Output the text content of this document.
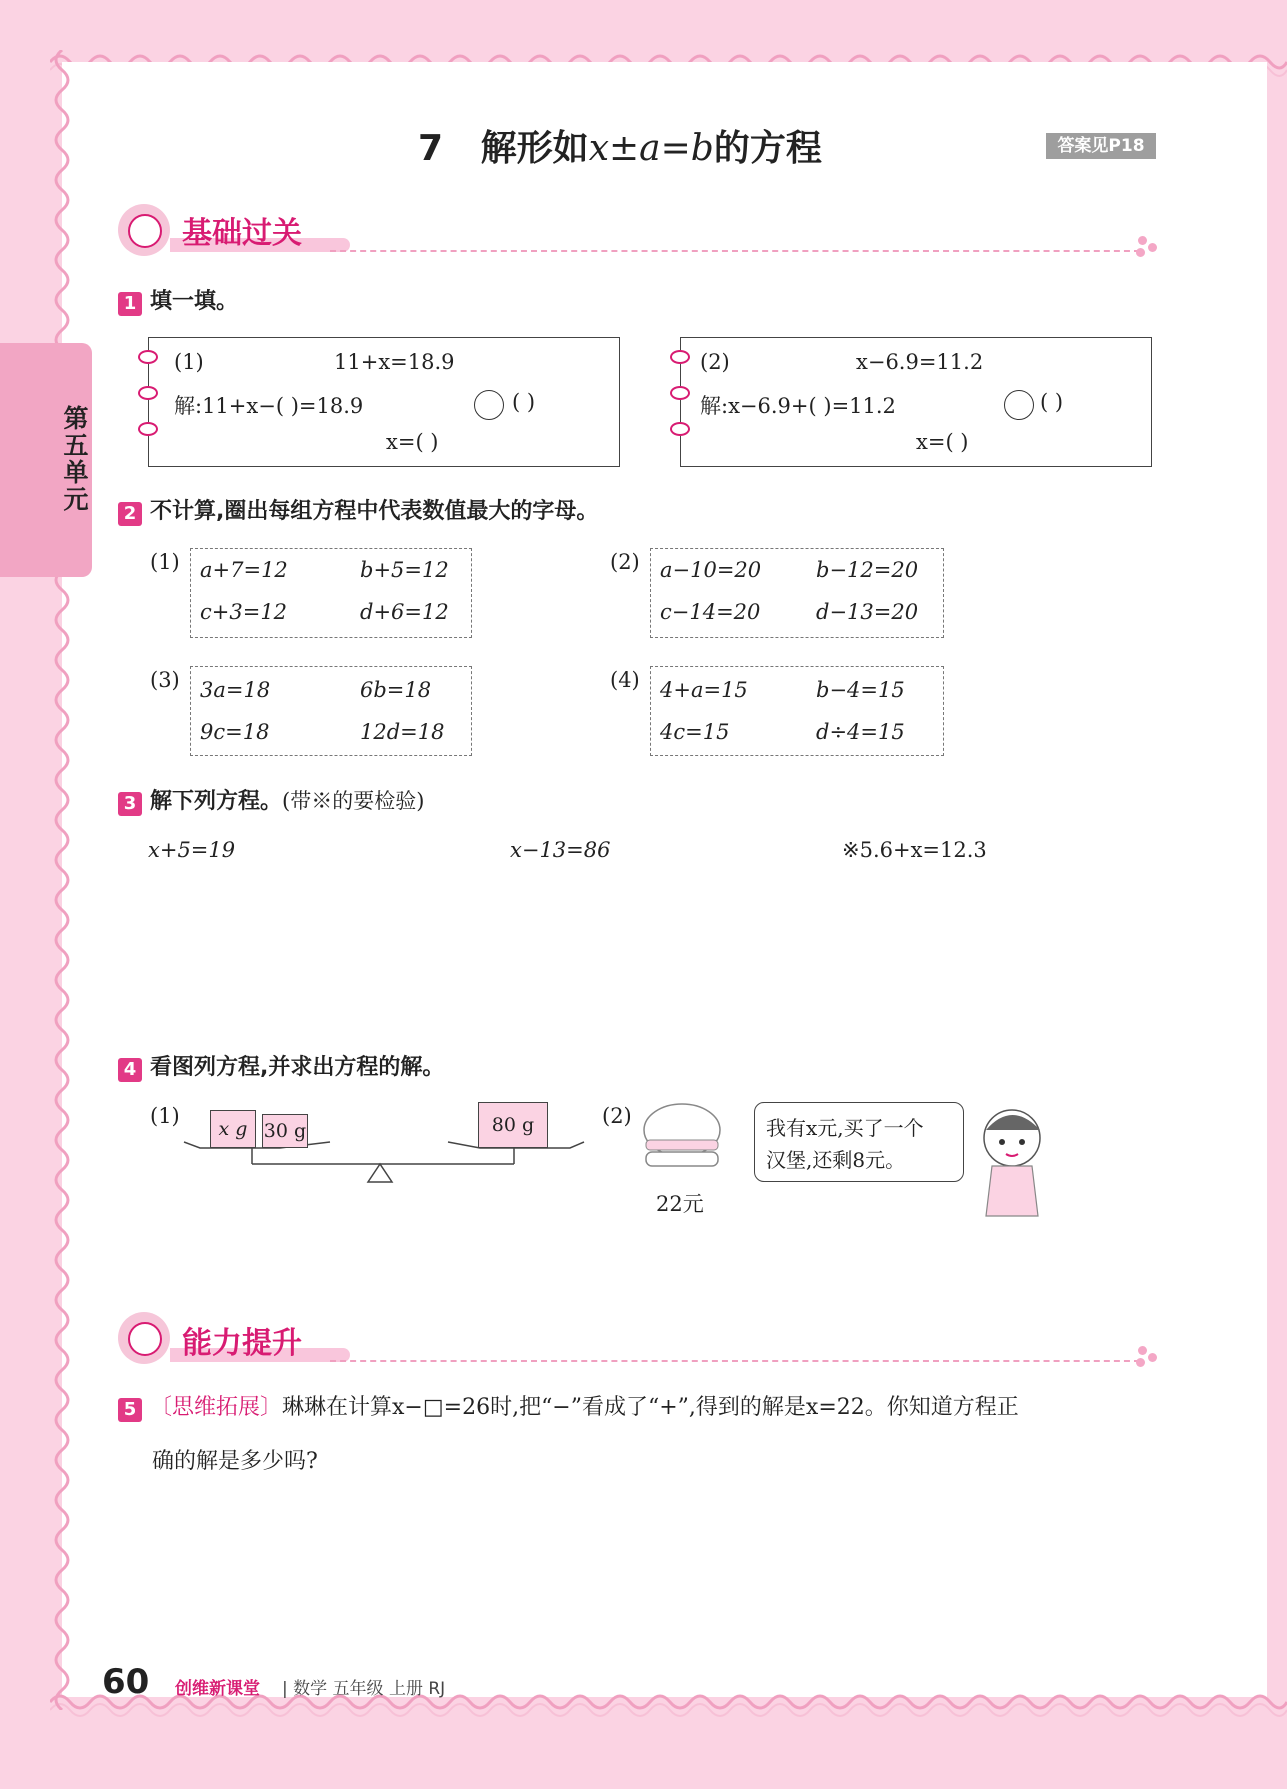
第五单元
7 解形如x±a=b的方程	答案见P18
基础过关
1 填一填。
(1)	11+x=18.9
解:11+x−( )=18.9	( )
x=( )
(2)	x−6.9=11.2
解:x−6.9+( )=11.2	( )
x=( )
2 不计算,圈出每组方程中代表数值最大的字母。
(1) a+7=12	b+5=12
c+3=12	d+6=12
(2) a−10=20	b−12=20
c−14=20	d−13=20
(3) 3a=18	6b=18
9c=18	12d=18
(4) 4+a=15	b−4=15
4c=15	d÷4=15
3 解下列方程。(带※的要检验)
x+5=19	x−13=86	※5.6+x=12.3
4 看图列方程,并求出方程的解。
(1)
x g 30 g	80 g	(2)
22元
我有x元,买了一个
汉堡,还剩8元。
能力提升
5 〔思维拓展〕琳琳在计算x−□=26时,把“−”看成了“+”,得到的解是x=22。你知道方程正
确的解是多少吗?
60 创维新课堂 | 数学 五年级 上册 RJ
